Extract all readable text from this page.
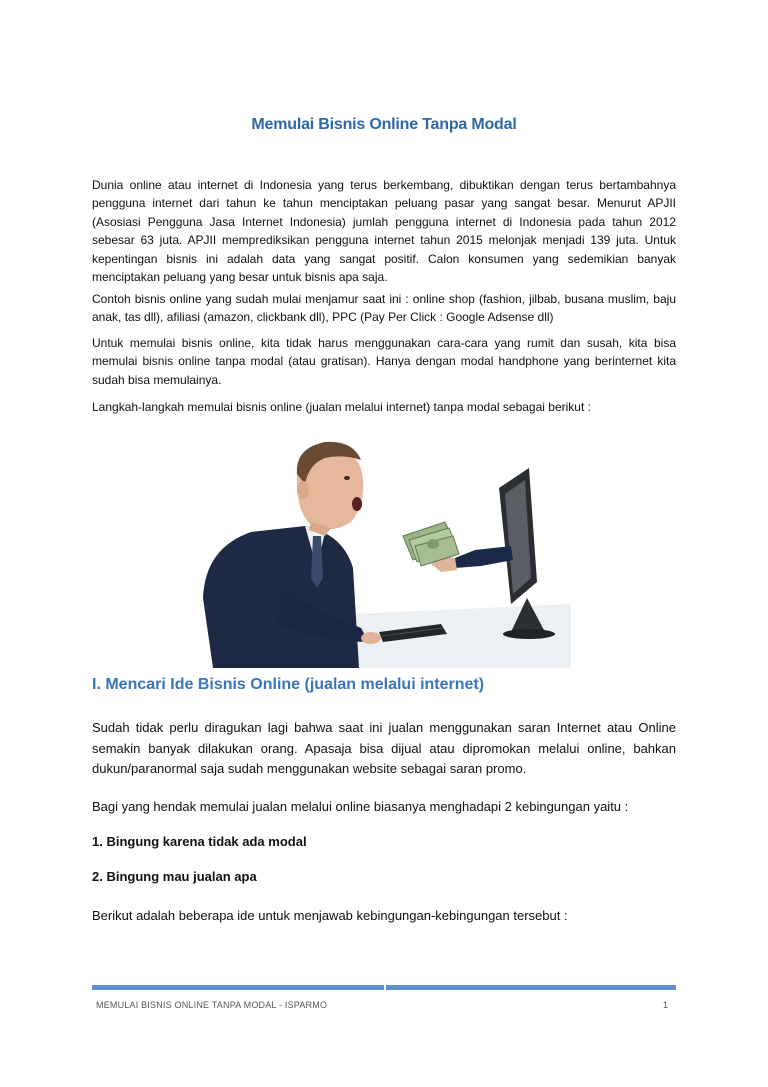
Memulai Bisnis Online Tanpa Modal

Dunia online atau internet di Indonesia yang terus berkembang, dibuktikan dengan terus bertambahnya pengguna internet dari tahun ke tahun menciptakan peluang pasar yang sangat besar. Menurut APJII (Asosiasi Pengguna Jasa Internet Indonesia) jumlah pengguna internet di Indonesia pada tahun 2012 sebesar 63 juta. APJII memprediksikan pengguna internet tahun 2015 melonjak menjadi 139 juta. Untuk kepentingan bisnis ini adalah data yang sangat positif. Calon konsumen yang sedemikian banyak menciptakan peluang yang besar untuk bisnis apa saja.

Contoh bisnis online yang sudah mulai menjamur saat ini : online shop (fashion, jilbab, busana muslim, baju anak, tas dll), afiliasi (amazon, clickbank dll), PPC (Pay Per Click : Google Adsense dll)

Untuk memulai bisnis online, kita tidak harus menggunakan cara-cara yang rumit dan susah, kita bisa memulai bisnis online tanpa modal (atau gratisan). Hanya dengan modal handphone yang berinternet kita sudah bisa memulainya.

Langkah-langkah memulai bisnis online (jualan melalui internet) tanpa modal sebagai berikut :

I. Mencari Ide Bisnis Online (jualan melalui internet)

Sudah tidak perlu diragukan lagi bahwa saat ini jualan menggunakan saran Internet atau Online semakin banyak dilakukan orang. Apasaja bisa dijual atau dipromokan melalui online, bahkan dukun/paranormal saja sudah menggunakan website sebagai saran promo.

Bagi yang hendak memulai jualan melalui online biasanya menghadapi 2 kebingungan yaitu :

1. Bingung karena tidak ada modal

2. Bingung mau jualan apa

Berikut adalah beberapa ide untuk menjawab kebingungan-kebingungan tersebut :

MEMULAI BISNIS ONLINE TANPA MODAL - ISPARMO	1
